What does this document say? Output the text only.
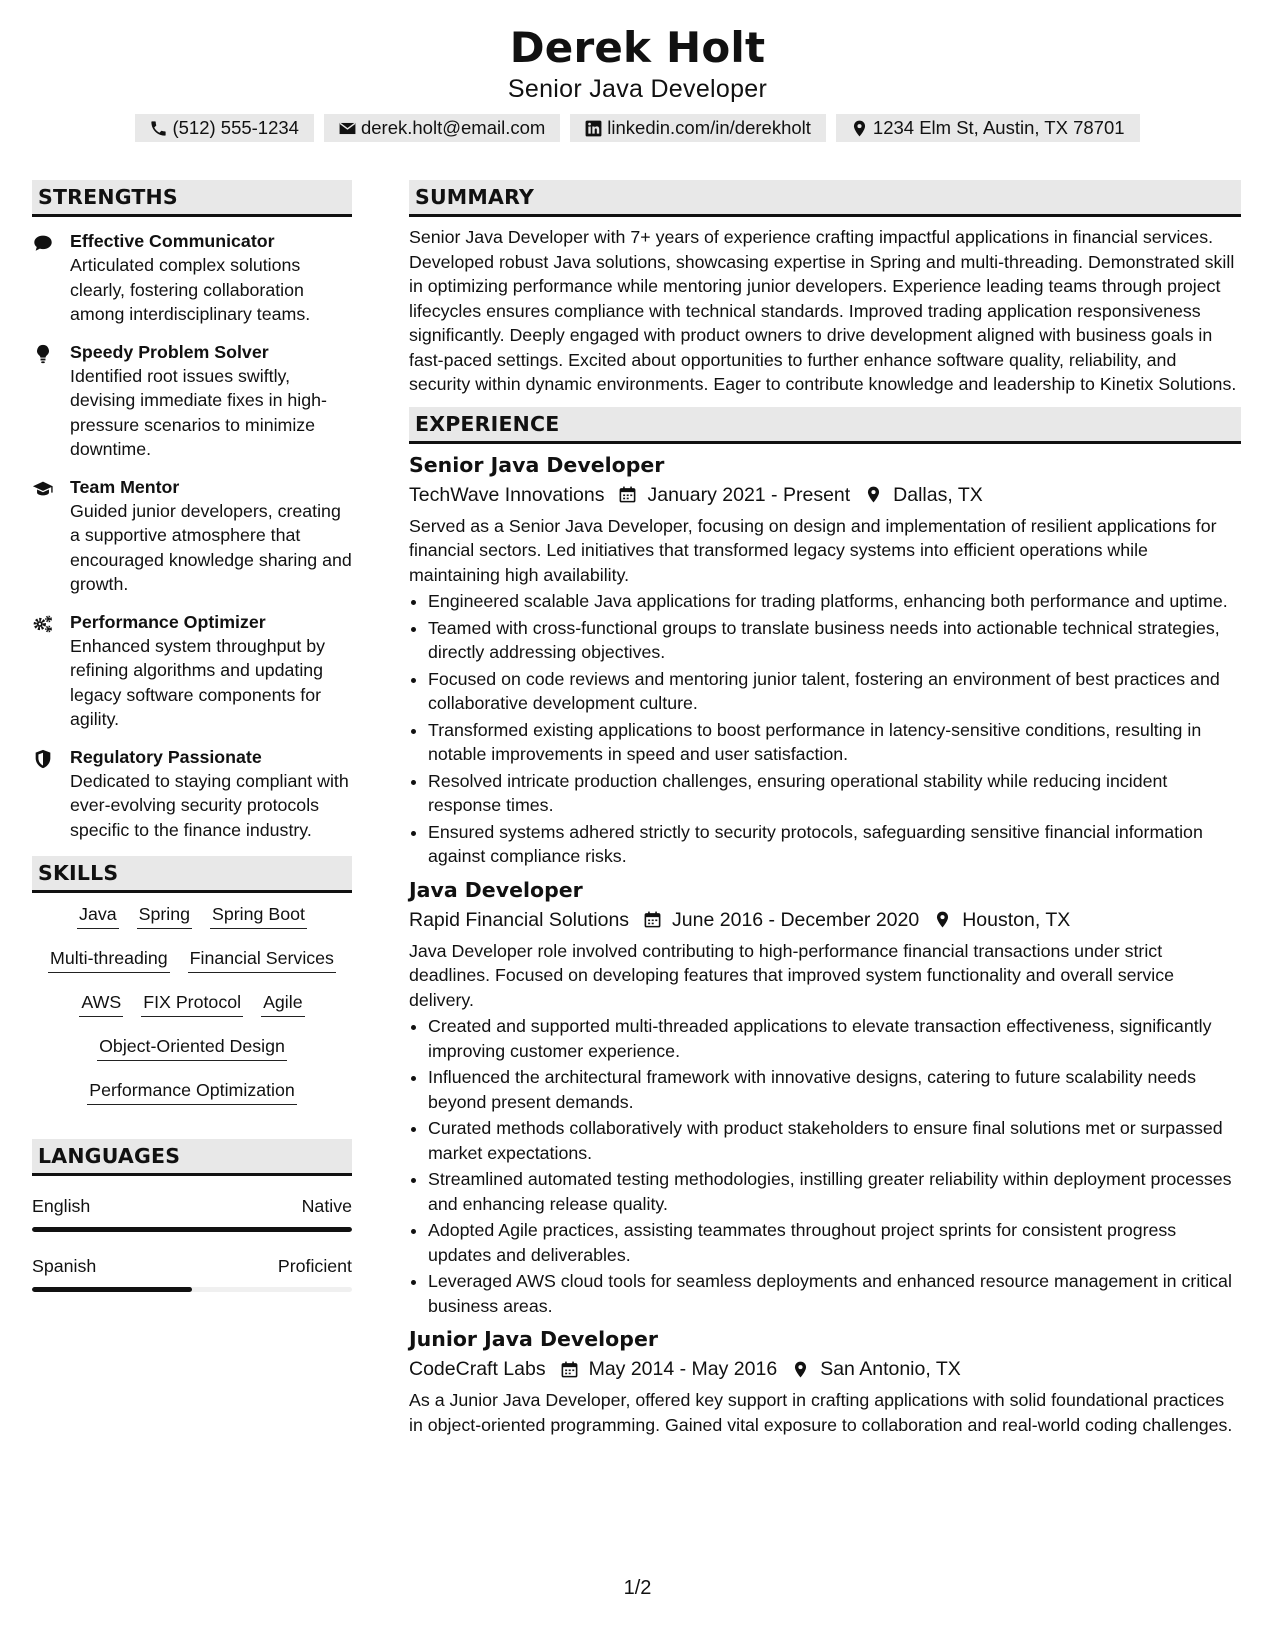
Derek Holt
Senior Java Developer
(512) 555-1234	derek.holt@email.com	linkedin.com/in/derekholt	1234 Elm St, Austin, TX 78701
STRENGTHS
Effective Communicator
Articulated complex solutions clearly, fostering collaboration among interdisciplinary teams.
Speedy Problem Solver
Identified root issues swiftly, devising immediate fixes in high-pressure scenarios to minimize downtime.
Team Mentor
Guided junior developers, creating a supportive atmosphere that encouraged knowledge sharing and growth.
Performance Optimizer
Enhanced system throughput by refining algorithms and updating legacy software components for agility.
Regulatory Passionate
Dedicated to staying compliant with ever-evolving security protocols specific to the finance industry.
SKILLS
Java Spring Spring Boot
Multi-threading Financial Services
AWS FIX Protocol Agile
Object-Oriented Design
Performance Optimization
LANGUAGES
English	Native
Spanish	Proficient
SUMMARY

Senior Java Developer with 7+ years of experience crafting impactful applications in financial services. Developed robust Java solutions, showcasing expertise in Spring and multi-threading. Demonstrated skill in optimizing performance while mentoring junior developers. Experience leading teams through project lifecycles ensures compliance with technical standards. Improved trading application responsiveness significantly. Deeply engaged with product owners to drive development aligned with business goals in fast-paced settings. Excited about opportunities to further enhance software quality, reliability, and security within dynamic environments. Eager to contribute knowledge and leadership to Kinetix Solutions.

EXPERIENCE
Senior Java Developer
TechWave Innovations January 2021 - Present Dallas, TX

Served as a Senior Java Developer, focusing on design and implementation of resilient applications for financial sectors. Led initiatives that transformed legacy systems into efficient operations while maintaining high availability.

• Engineered scalable Java applications for trading platforms, enhancing both performance and uptime.
• Teamed with cross-functional groups to translate business needs into actionable technical strategies, directly addressing objectives.
• Focused on code reviews and mentoring junior talent, fostering an environment of best practices and collaborative development culture.
• Transformed existing applications to boost performance in latency-sensitive conditions, resulting in notable improvements in speed and user satisfaction.
• Resolved intricate production challenges, ensuring operational stability while reducing incident response times.
• Ensured systems adhered strictly to security protocols, safeguarding sensitive financial information against compliance risks.
Java Developer
Rapid Financial Solutions June 2016 - December 2020 Houston, TX

Java Developer role involved contributing to high-performance financial transactions under strict deadlines. Focused on developing features that improved system functionality and overall service delivery.

• Created and supported multi-threaded applications to elevate transaction effectiveness, significantly improving customer experience.
• Influenced the architectural framework with innovative designs, catering to future scalability needs beyond present demands.
• Curated methods collaboratively with product stakeholders to ensure final solutions met or surpassed market expectations.
• Streamlined automated testing methodologies, instilling greater reliability within deployment processes and enhancing release quality.
• Adopted Agile practices, assisting teammates throughout project sprints for consistent progress updates and deliverables.
• Leveraged AWS cloud tools for seamless deployments and enhanced resource management in critical business areas.
Junior Java Developer
CodeCraft Labs May 2014 - May 2016 San Antonio, TX

As a Junior Java Developer, offered key support in crafting applications with solid foundational practices in object-oriented programming. Gained vital exposure to collaboration and real-world coding challenges.

1/2
